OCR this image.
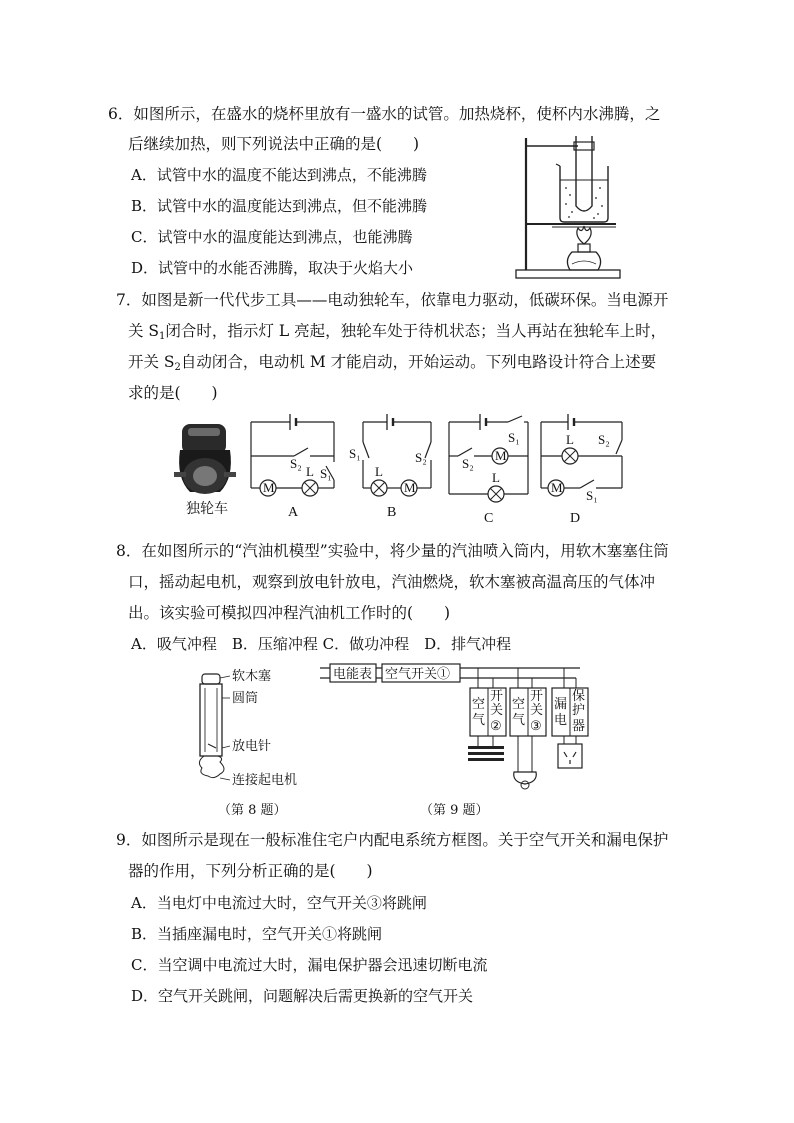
6．如图所示，在盛水的烧杯里放有一盛水的试管。加热烧杯，使杯内水沸腾，之
后继续加热，则下列说法中正确的是(　　)
A．试管中水的温度不能达到沸点，不能沸腾
B．试管中水的温度能达到沸点，但不能沸腾
C．试管中水的温度能达到沸点，也能沸腾
D．试管中的水能否沸腾，取决于火焰大小
7．如图是新一代代步工具——电动独轮车，依靠电力驱动，低碳环保。当电源开
关 $S_1$闭合时，指示灯 L 亮起，独轮车处于待机状态；当人再站在独轮车上时，
开关 $S_2$自动闭合，电动机 M 才能启动，开始运动。下列电路设计符合上述要
求的是(　　)
独轮车
S₂
M
L S₁
A
S₁	S₂
L
M
B
S₁
S₂
M
L
C
S₂
L
M
S₁
D
8．在如图所示的“汽油机模型”实验中，将少量的汽油喷入筒内，用软木塞塞住筒
口，摇动起电机，观察到放电针放电，汽油燃烧，软木塞被高温高压的气体冲
出。该实验可模拟四冲程汽油机工作时的(　　)
A．吸气冲程　B．压缩冲程 C．做功冲程　D．排气冲程
软木塞
圆筒
放电针
连接起电机
（第 8 题）
电能表 空气开关①
空
气
开
关
②
空
气
开
关
③
漏
电
保
护
器
（第 9 题）
9．如图所示是现在一般标准住宅户内配电系统方框图。关于空气开关和漏电保护
器的作用，下列分析正确的是(　　)
A．当电灯中电流过大时，空气开关③将跳闸
B．当插座漏电时，空气开关①将跳闸
C．当空调中电流过大时，漏电保护器会迅速切断电流
D．空气开关跳闸，问题解决后需更换新的空气开关
